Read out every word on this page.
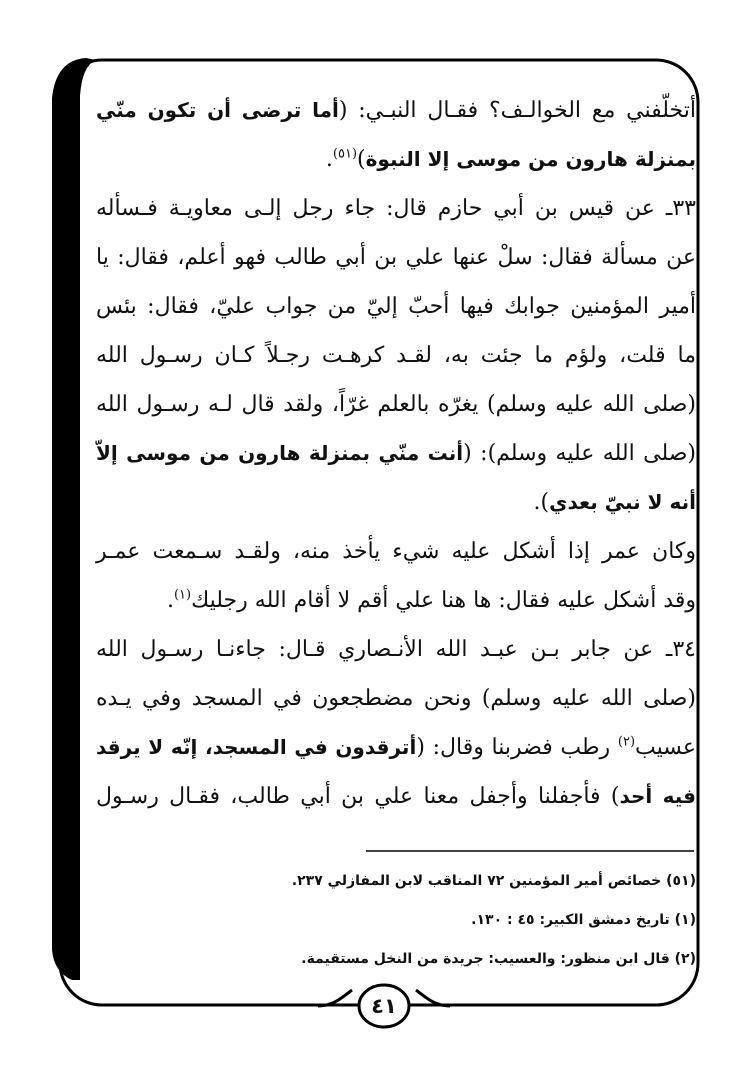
أتخلّفني مع الخوالـف؟ فقـال النبـي: (أما ترضى أن تكون منّي
بمنزلة هارون من موسى إلا النبوة)$^{(٥١)}$.
٣٣ـ عن قيس بن أبي حازم قال: جاء رجل إلـى معاويـة فـسأله
عن مسألة فقال: سلْ عنها علي بن أبي طالب فهو أعلم، فقال: يا
أمير المؤمنين جوابك فيها أحبّ إليّ من جواب عليّ، فقال: بئس
ما قلت، ولؤم ما جئت به، لقـد كرهـت رجـلاً كـان رسـول الله
(صلى الله عليه وسلم) يغرّه بالعلم غرّاً، ولقد قال لـه رسـول الله
(صلى الله عليه وسلم): (أنت منّي بمنزلة هارون من موسى إلاّ
أنه لا نبيّ بعدي).
وكان عمر إذا أشكل عليه شيء يأخذ منه، ولقـد سـمعت عمـر
وقد أشكل عليه فقال: ها هنا علي أقم لا أقام الله رجليك$^{(١)}$.
٣٤ـ عن جابر بـن عبـد الله الأنـصاري قـال: جاءنـا رسـول الله
(صلى الله عليه وسلم) ونحن مضطجعون في المسجد وفي يـده
عسيب$^{(٢)}$ رطب فضربنا وقال: (أترقدون في المسجد، إنّه لا يرقد
فيه أحد) فأجفلنا وأجفل معنا علي بن أبي طالب، فقـال رسـول
(٥١) خصائص أمير المؤمنين ٧٢ المناقب لابن المفازلي ٢٣٧.
(١) تاريخ دمشق الكبير: ٤٥ : ١٣٠.
(٢) قال ابن منظور: والعسيب: جريدة من النخل مستقيمة.
٤١
